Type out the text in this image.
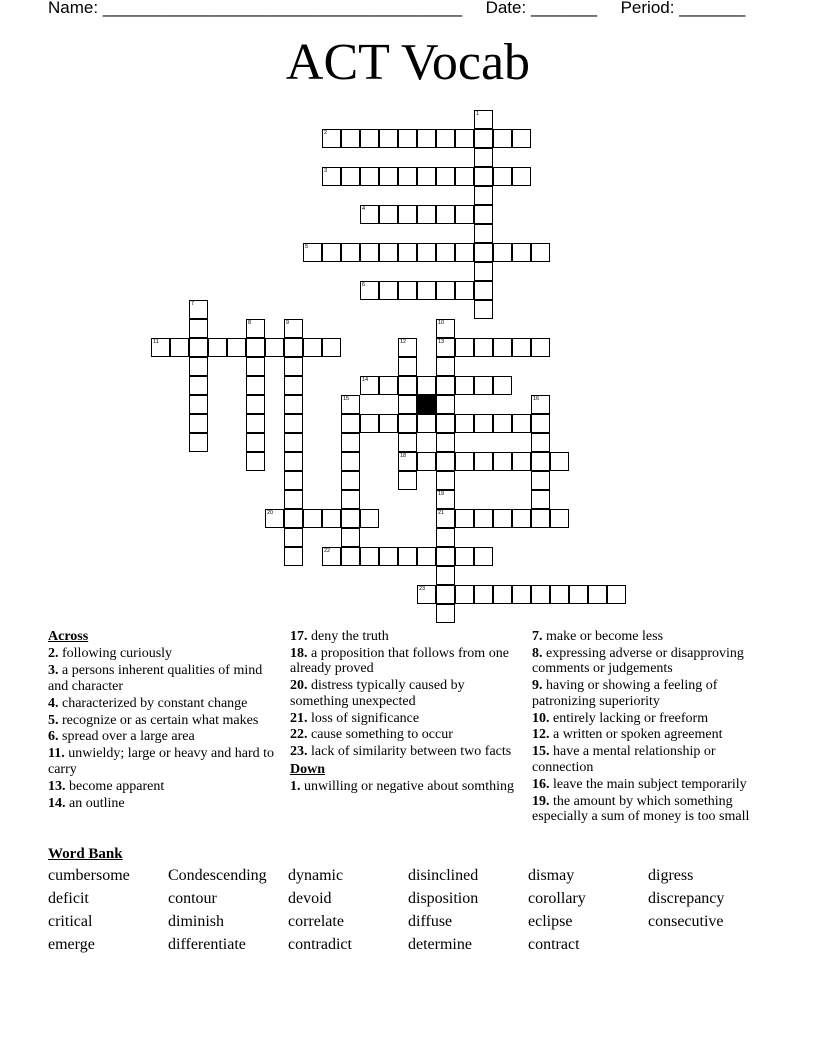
Name: ______________________________________ Date: _______ Period: _______
ACT Vocab
2
3
4
5
6
11	13
14
18
20	21
22
23
1
7
8	9	10
12
15	16
19
Across
2. following curiously
3. a persons inherent qualities of mind and character
4. characterized by constant change
5. recognize or as certain what makes
6. spread over a large area
11. unwieldy; large or heavy and hard to carry
13. become apparent
14. an outline
17. deny the truth
18. a proposition that follows from one already proved
20. distress typically caused by something unexpected
21. loss of significance
22. cause something to occur
23. lack of similarity between two facts
Down
1. unwilling or negative about somthing
7. make or become less
8. expressing adverse or disapproving comments or judgements
9. having or showing a feeling of patronizing superiority
10. entirely lacking or freeform
12. a written or spoken agreement
15. have a mental relationship or connection
16. leave the main subject temporarily
19. the amount by which something especially a sum of money is too small
Word Bank
cumbersome	Condescending	dynamic	disinclined	dismay	digress
deficit	contour	devoid	disposition	corollary	discrepancy
critical	diminish	correlate	diffuse	eclipse	consecutive
emerge	differentiate	contradict	determine	contract
